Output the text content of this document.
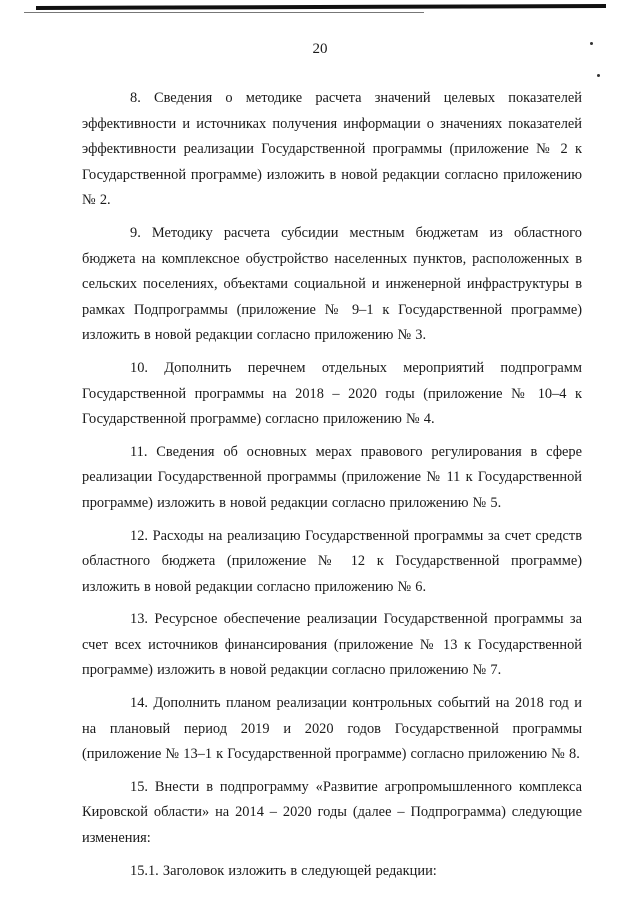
20

8. Сведения о методике расчета значений целевых показателей эффективности и источниках получения информации о значениях показателей эффективности реализации Государственной программы (приложение № 2 к Государственной программе) изложить в новой редакции согласно приложению № 2.

9. Методику расчета субсидии местным бюджетам из областного бюджета на комплексное обустройство населенных пунктов, расположенных в сельских поселениях, объектами социальной и инженерной инфраструктуры в рамках Подпрограммы (приложение № 9–1 к Государственной программе) изложить в новой редакции согласно приложению № 3.

10. Дополнить перечнем отдельных мероприятий подпрограмм Государственной программы на 2018 – 2020 годы (приложение № 10–4 к Государственной программе) согласно приложению № 4.

11. Сведения об основных мерах правового регулирования в сфере реализации Государственной программы (приложение № 11 к Государственной программе) изложить в новой редакции согласно приложению № 5.

12. Расходы на реализацию Государственной программы за счет средств областного бюджета (приложение № 12 к Государственной программе) изложить в новой редакции согласно приложению № 6.

13. Ресурсное обеспечение реализации Государственной программы за счет всех источников финансирования (приложение № 13 к Государственной программе) изложить в новой редакции согласно приложению № 7.

14. Дополнить планом реализации контрольных событий на 2018 год и на плановый период 2019 и 2020 годов Государственной программы (приложение № 13–1 к Государственной программе) согласно приложению № 8.

15. Внести в подпрограмму «Развитие агропромышленного комплекса Кировской области» на 2014 – 2020 годы (далее – Подпрограмма) следующие изменения:

15.1. Заголовок изложить в следующей редакции:
